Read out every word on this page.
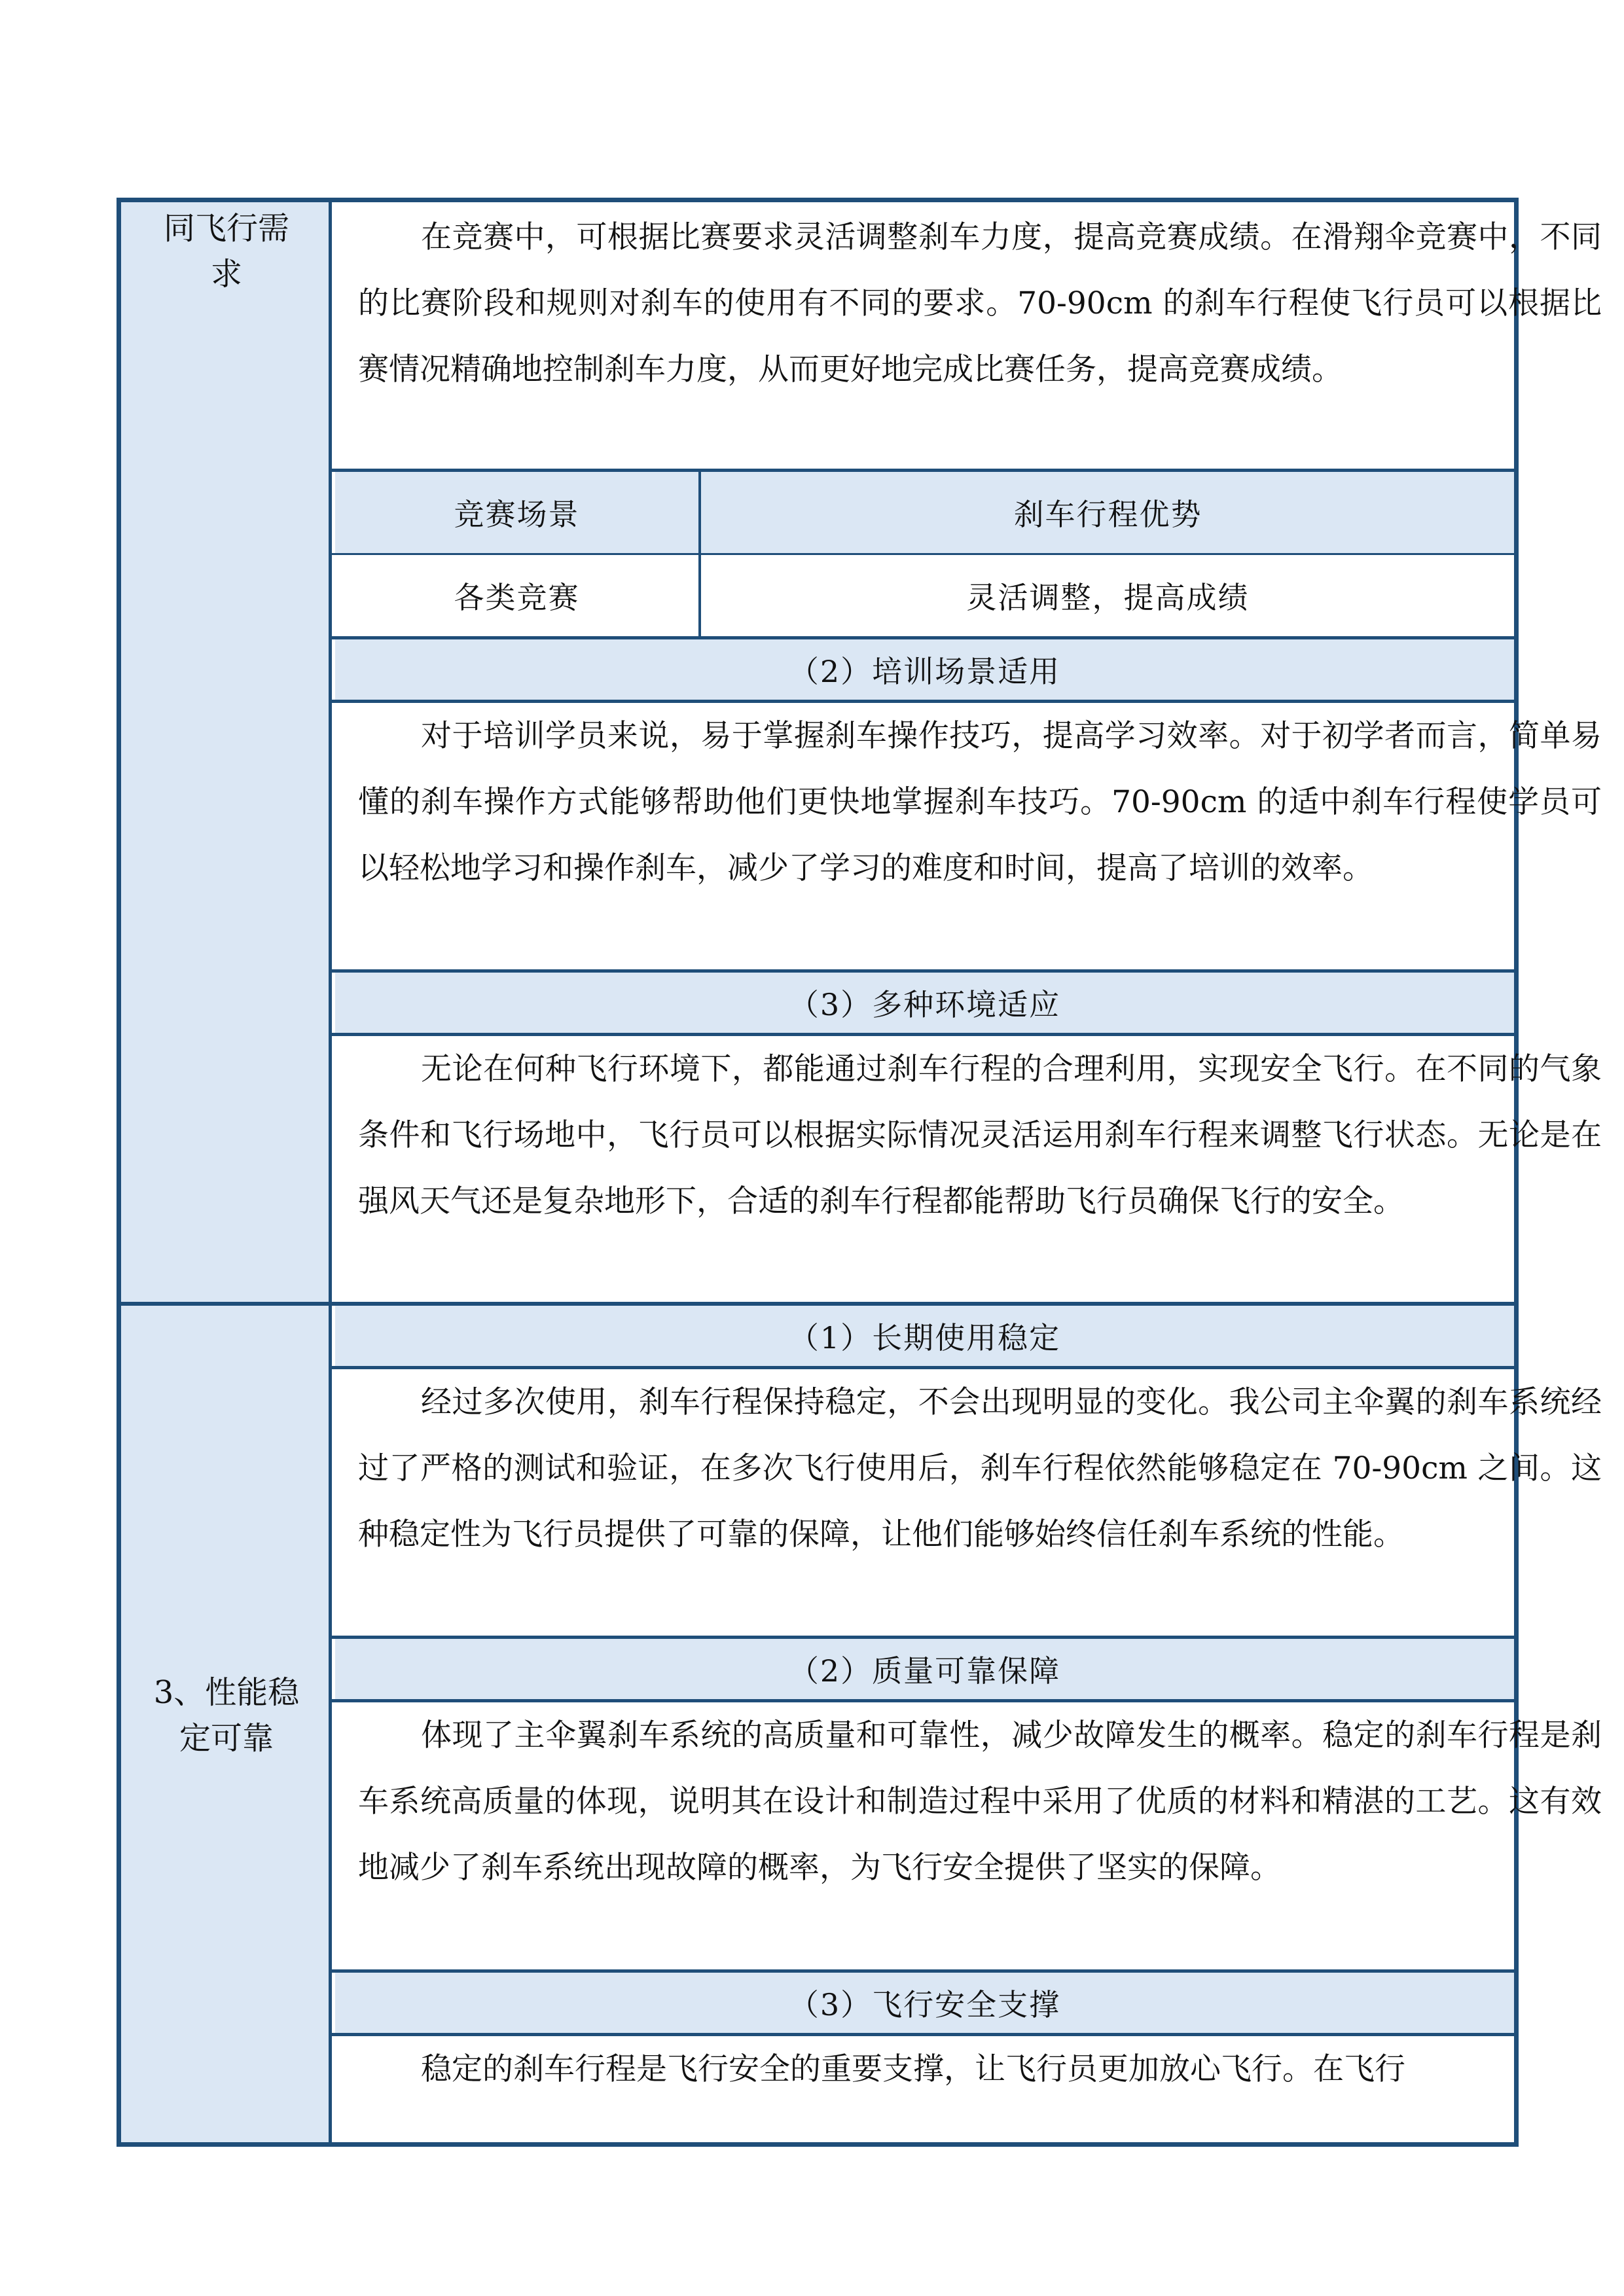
同飞行需
求
3、性能稳
定可靠

在竞赛中，可根据比赛要求灵活调整刹车力度，提高竞赛成绩。在滑翔伞竞赛中，不同的比赛阶段和规则对刹车的使用有不同的要求。70-90cm 的刹车行程使飞行员可以根据比赛情况精确地控制刹车力度，从而更好地完成比赛任务，提高竞赛成绩。

竞赛场景	刹车行程优势
各类竞赛	灵活调整，提高成绩
（2）培训场景适用

对于培训学员来说，易于掌握刹车操作技巧，提高学习效率。对于初学者而言，简单易懂的刹车操作方式能够帮助他们更快地掌握刹车技巧。70-90cm 的适中刹车行程使学员可以轻松地学习和操作刹车，减少了学习的难度和时间，提高了培训的效率。

（3）多种环境适应

无论在何种飞行环境下，都能通过刹车行程的合理利用，实现安全飞行。在不同的气象条件和飞行场地中，飞行员可以根据实际情况灵活运用刹车行程来调整飞行状态。无论是在强风天气还是复杂地形下，合适的刹车行程都能帮助飞行员确保飞行的安全。

（1）长期使用稳定

经过多次使用，刹车行程保持稳定，不会出现明显的变化。我公司主伞翼的刹车系统经过了严格的测试和验证，在多次飞行使用后，刹车行程依然能够稳定在 70-90cm 之间。这种稳定性为飞行员提供了可靠的保障，让他们能够始终信任刹车系统的性能。

（2）质量可靠保障

体现了主伞翼刹车系统的高质量和可靠性，减少故障发生的概率。稳定的刹车行程是刹车系统高质量的体现，说明其在设计和制造过程中采用了优质的材料和精湛的工艺。这有效地减少了刹车系统出现故障的概率，为飞行安全提供了坚实的保障。

（3）飞行安全支撑

稳定的刹车行程是飞行安全的重要支撑，让飞行员更加放心飞行。在飞行
